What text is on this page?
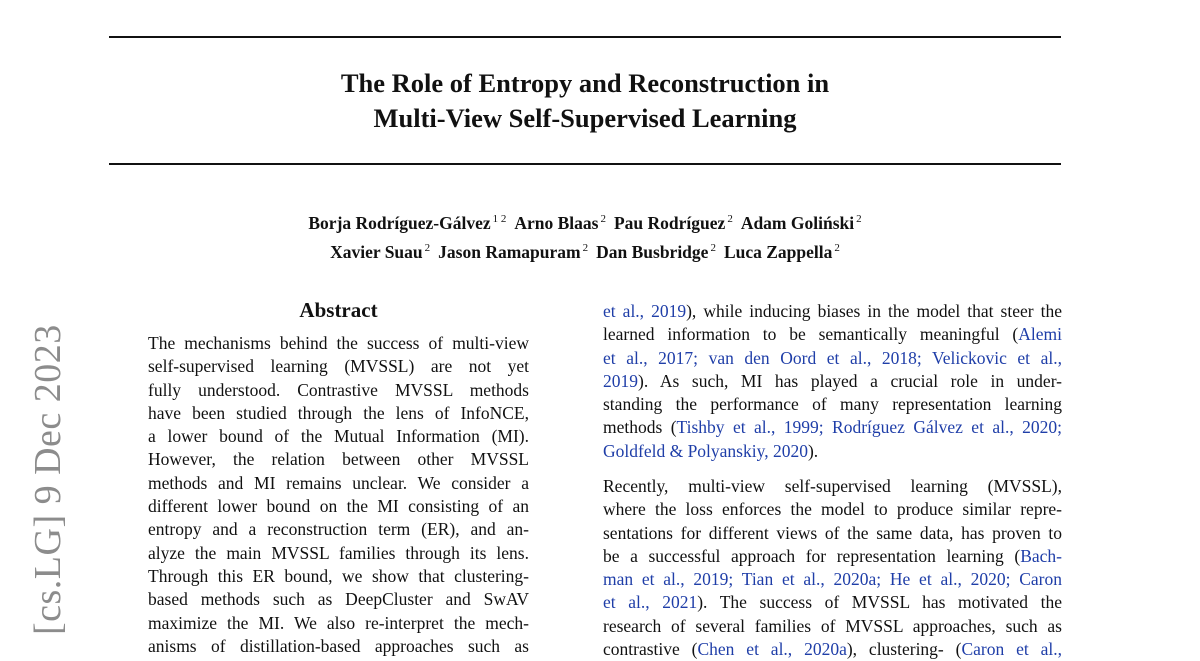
The Role of Entropy and Reconstruction in
Multi-View Self-Supervised Learning
Borja Rodríguez-Gálvez $^{1 2}$ Arno Blaas $^2$ Pau Rodríguez $^2$ Adam Goliński $^2$
Xavier Suau $^2$ Jason Ramapuram $^2$ Dan Busbridge $^2$ Luca Zappella $^2$
[cs.LG] 9 Dec 2023
Abstract
The mechanisms behind the success of multi-view
self-supervised learning (MVSSL) are not yet
fully understood. Contrastive MVSSL methods
have been studied through the lens of InfoNCE,
a lower bound of the Mutual Information (MI).
However, the relation between other MVSSL
methods and MI remains unclear. We consider a
different lower bound on the MI consisting of an
entropy and a reconstruction term (ER), and an-
alyze the main MVSSL families through its lens.
Through this ER bound, we show that clustering-
based methods such as DeepCluster and SwAV
maximize the MI. We also re-interpret the mech-
anisms of distillation-based approaches such as
et al., 2019), while inducing biases in the model that steer the
learned information to be semantically meaningful (Alemi
et al., 2017; van den Oord et al., 2018; Velickovic et al.,
2019). As such, MI has played a crucial role in under-
standing the performance of many representation learning
methods (Tishby et al., 1999; Rodríguez Gálvez et al., 2020;
Goldfeld & Polyanskiy, 2020).
Recently, multi-view self-supervised learning (MVSSL),
where the loss enforces the model to produce similar repre-
sentations for different views of the same data, has proven to
be a successful approach for representation learning (Bach-
man et al., 2019; Tian et al., 2020a; He et al., 2020; Caron
et al., 2021). The success of MVSSL has motivated the
research of several families of MVSSL approaches, such as
contrastive (Chen et al., 2020a), clustering- (Caron et al.,
